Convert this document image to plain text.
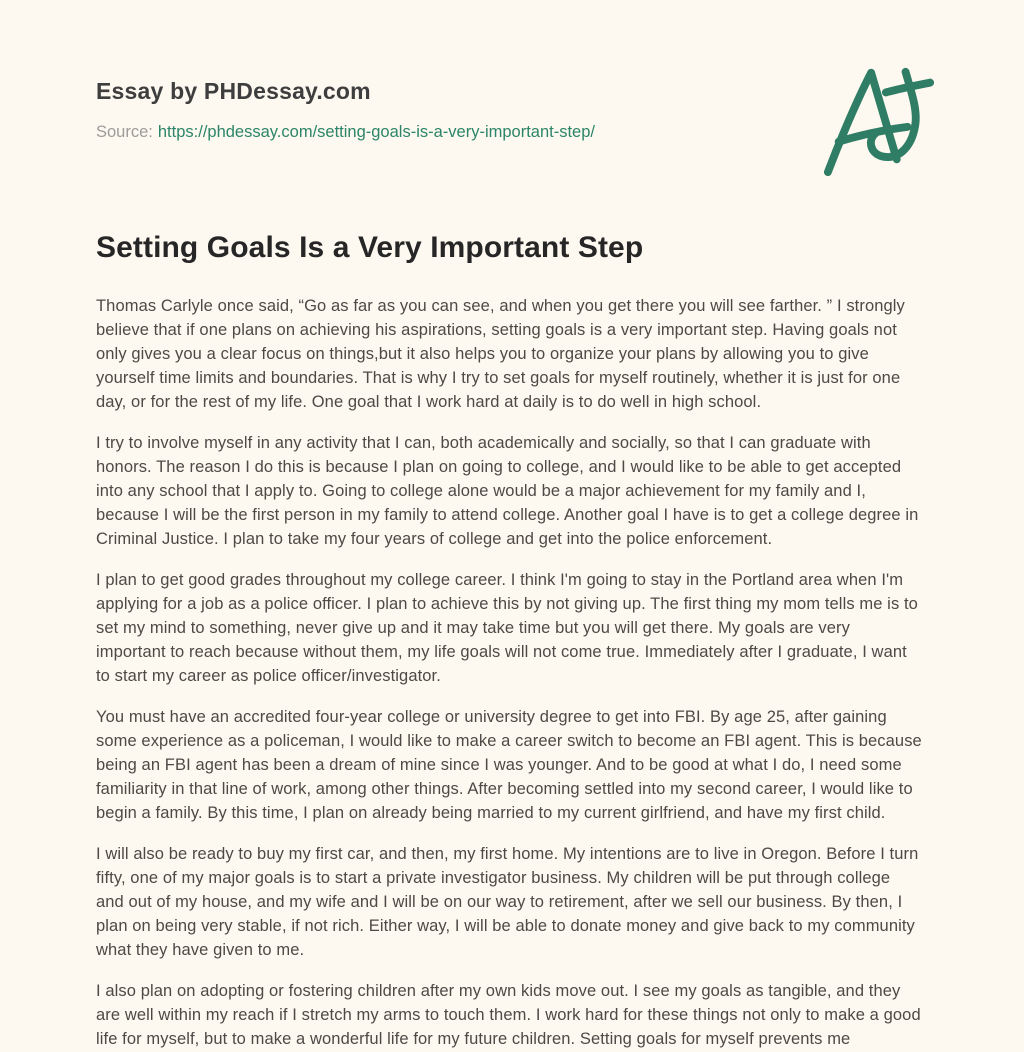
Essay by PHDessay.com

Source: https://phdessay.com/setting-goals-is-a-very-important-step/

Setting Goals Is a Very Important Step

Thomas Carlyle once said, “Go as far as you can see, and when you get there you will see farther. ” I strongly believe that if one plans on achieving his aspirations, setting goals is a very important step. Having goals not only gives you a clear focus on things,but it also helps you to organize your plans by allowing you to give yourself time limits and boundaries. That is why I try to set goals for myself routinely, whether it is just for one day, or for the rest of my life. One goal that I work hard at daily is to do well in high school.

I try to involve myself in any activity that I can, both academically and socially, so that I can graduate with honors. The reason I do this is because I plan on going to college, and I would like to be able to get accepted into any school that I apply to. Going to college alone would be a major achievement for my family and I, because I will be the first person in my family to attend college. Another goal I have is to get a college degree in Criminal Justice. I plan to take my four years of college and get into the police enforcement.

I plan to get good grades throughout my college career. I think I'm going to stay in the Portland area when I'm applying for a job as a police officer. I plan to achieve this by not giving up. The first thing my mom tells me is to set my mind to something, never give up and it may take time but you will get there. My goals are very important to reach because without them, my life goals will not come true. Immediately after I graduate, I want to start my career as police officer/investigator.

You must have an accredited four-year college or university degree to get into FBI. By age 25, after gaining some experience as a policeman, I would like to make a career switch to become an FBI agent. This is because being an FBI agent has been a dream of mine since I was younger. And to be good at what I do, I need some familiarity in that line of work, among other things. After becoming settled into my second career, I would like to begin a family. By this time, I plan on already being married to my current girlfriend, and have my first child.

I will also be ready to buy my first car, and then, my first home. My intentions are to live in Oregon. Before I turn fifty, one of my major goals is to start a private investigator business. My children will be put through college and out of my house, and my wife and I will be on our way to retirement, after we sell our business. By then, I plan on being very stable, if not rich. Either way, I will be able to donate money and give back to my community what they have given to me.

I also plan on adopting or fostering children after my own kids move out. I see my goals as tangible, and they are well within my reach if I stretch my arms to touch them. I work hard for these things not only to make a good life for myself, but to make a wonderful life for my future children. Setting goals for myself prevents me
